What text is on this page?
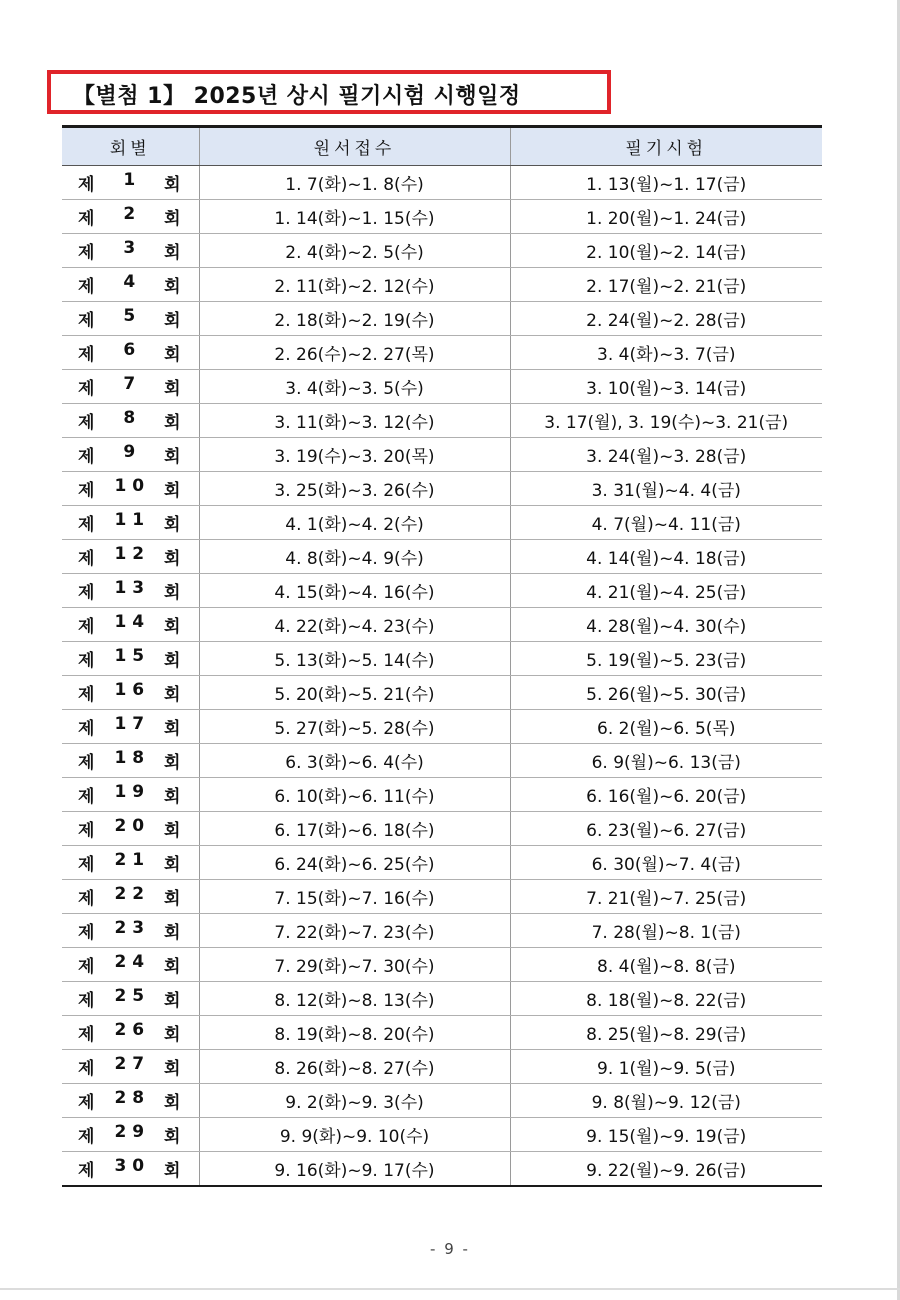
【별첨 1】 2025년 상시 필기시험 시행일정
회별	원서접수	필기시험

제 1 회	1. 7(화)~1. 8(수)	1. 13(월)~1. 17(금)

제 2 회	1. 14(화)~1. 15(수)	1. 20(월)~1. 24(금)

제 3 회	2. 4(화)~2. 5(수)	2. 10(월)~2. 14(금)

제 4 회	2. 11(화)~2. 12(수)	2. 17(월)~2. 21(금)

제 5 회	2. 18(화)~2. 19(수)	2. 24(월)~2. 28(금)

제 6 회	2. 26(수)~2. 27(목)	3. 4(화)~3. 7(금)

제 7 회	3. 4(화)~3. 5(수)	3. 10(월)~3. 14(금)

제 8 회	3. 11(화)~3. 12(수)	3. 17(월), 3. 19(수)~3. 21(금)

제 9 회	3. 19(수)~3. 20(목)	3. 24(월)~3. 28(금)

제 1 0 회	3. 25(화)~3. 26(수)	3. 31(월)~4. 4(금)

제 1 1 회	4. 1(화)~4. 2(수)	4. 7(월)~4. 11(금)

제 1 2 회	4. 8(화)~4. 9(수)	4. 14(월)~4. 18(금)

제 1 3 회	4. 15(화)~4. 16(수)	4. 21(월)~4. 25(금)

제 1 4 회	4. 22(화)~4. 23(수)	4. 28(월)~4. 30(수)

제 1 5 회	5. 13(화)~5. 14(수)	5. 19(월)~5. 23(금)

제 1 6 회	5. 20(화)~5. 21(수)	5. 26(월)~5. 30(금)

제 1 7 회	5. 27(화)~5. 28(수)	6. 2(월)~6. 5(목)

제 1 8 회	6. 3(화)~6. 4(수)	6. 9(월)~6. 13(금)

제 1 9 회	6. 10(화)~6. 11(수)	6. 16(월)~6. 20(금)

제 2 0 회	6. 17(화)~6. 18(수)	6. 23(월)~6. 27(금)

제 2 1 회	6. 24(화)~6. 25(수)	6. 30(월)~7. 4(금)

제 2 2 회	7. 15(화)~7. 16(수)	7. 21(월)~7. 25(금)

제 2 3 회	7. 22(화)~7. 23(수)	7. 28(월)~8. 1(금)

제 2 4 회	7. 29(화)~7. 30(수)	8. 4(월)~8. 8(금)

제 2 5 회	8. 12(화)~8. 13(수)	8. 18(월)~8. 22(금)

제 2 6 회	8. 19(화)~8. 20(수)	8. 25(월)~8. 29(금)

제 2 7 회	8. 26(화)~8. 27(수)	9. 1(월)~9. 5(금)

제 2 8 회	9. 2(화)~9. 3(수)	9. 8(월)~9. 12(금)

제 2 9 회	9. 9(화)~9. 10(수)	9. 15(월)~9. 19(금)

제 3 0 회	9. 16(화)~9. 17(수)	9. 22(월)~9. 26(금)
- 9 -
